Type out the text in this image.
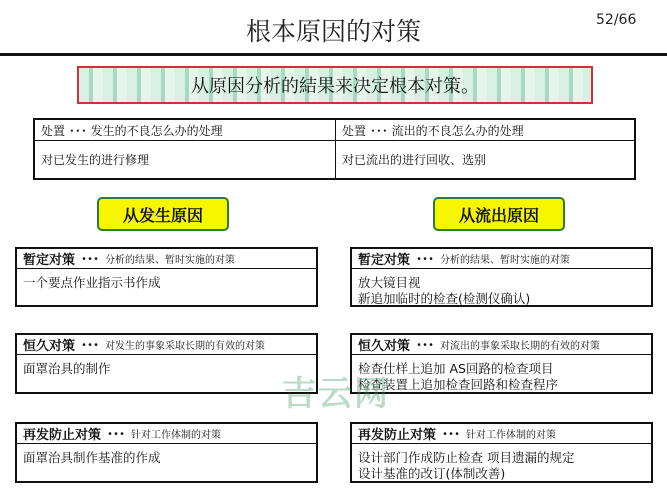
根本原因的对策	52/66
从原因分析的結果来决定根本对策。
处置 ･･･ 发生的不良怎么办的处理	处置 ･･･ 流出的不良怎么办的处理
对已发生的进行修理	对已流出的进行回收、选别
从发生原因	从流出原因
暂定对策 ･･･ 分析的结果、暂时实施的对策
一个要点作业指示书作成
恒久对策 ･･･ 对发生的事象采取长期的有效的对策
面罩治具的制作
再发防止对策 ･･･ 针对工作体制的对策
面罩治具制作基准的作成
暂定对策 ･･･ 分析的结果、暂时实施的对策
放大镜目视
新追加临时的检查(检测仪确认)
恒久对策 ･･･ 对流出的事象采取长期的有效的对策
检查仕样上追加 AS回路的检查项目
检查装置上追加检查回路和检查程序
再发防止对策 ･･･ 针对工作体制的对策
设计部门作成防止检查 项目遗漏的规定
设计基准的改订(体制改善)
吉云网
